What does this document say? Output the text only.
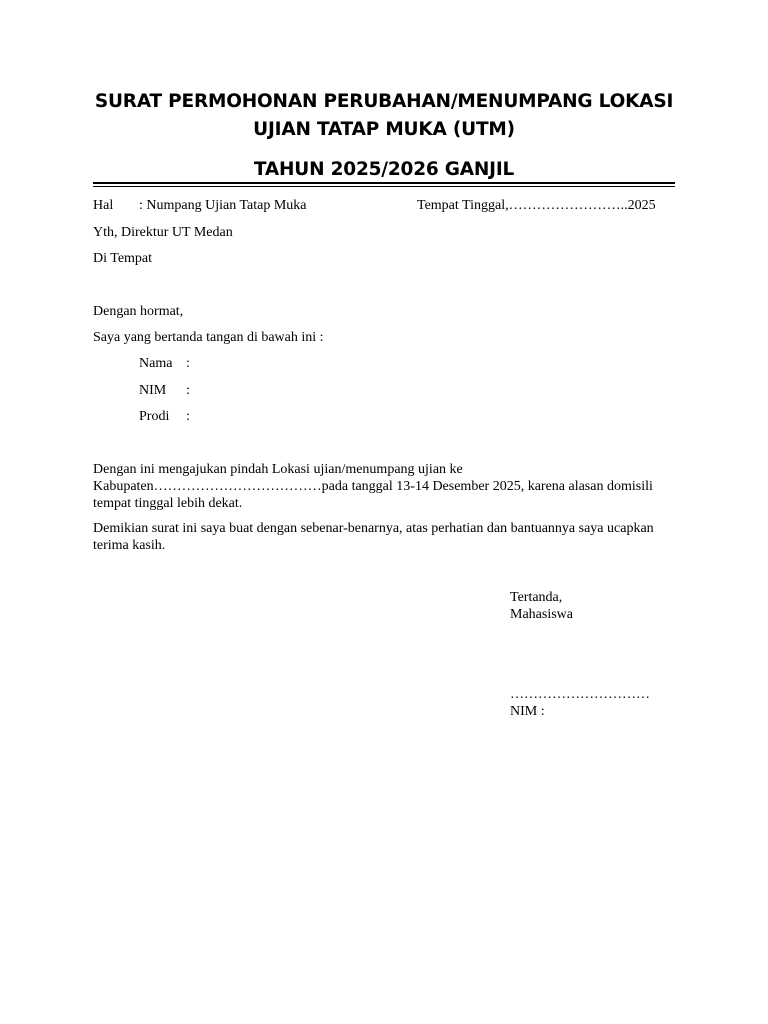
SURAT PERMOHONAN PERUBAHAN/MENUMPANG LOKASI
UJIAN TATAP MUKA (UTM)
TAHUN 2025/2026 GANJIL
Hal : Numpang Ujian Tatap Muka	Tempat Tinggal,……………………..2025
Yth, Direktur UT Medan
Di Tempat
Dengan hormat,
Saya yang bertanda tangan di bawah ini :
Nama :
NIM :
Prodi :
Dengan ini mengajukan pindah Lokasi ujian/menumpang ujian ke
Kabupaten………………………………pada tanggal 13-14 Desember 2025, karena alasan domisili
tempat tinggal lebih dekat.
Demikian surat ini saya buat dengan sebenar-benarnya, atas perhatian dan bantuannya saya ucapkan
terima kasih.
Tertanda,
Mahasiswa
…………………………
NIM :
